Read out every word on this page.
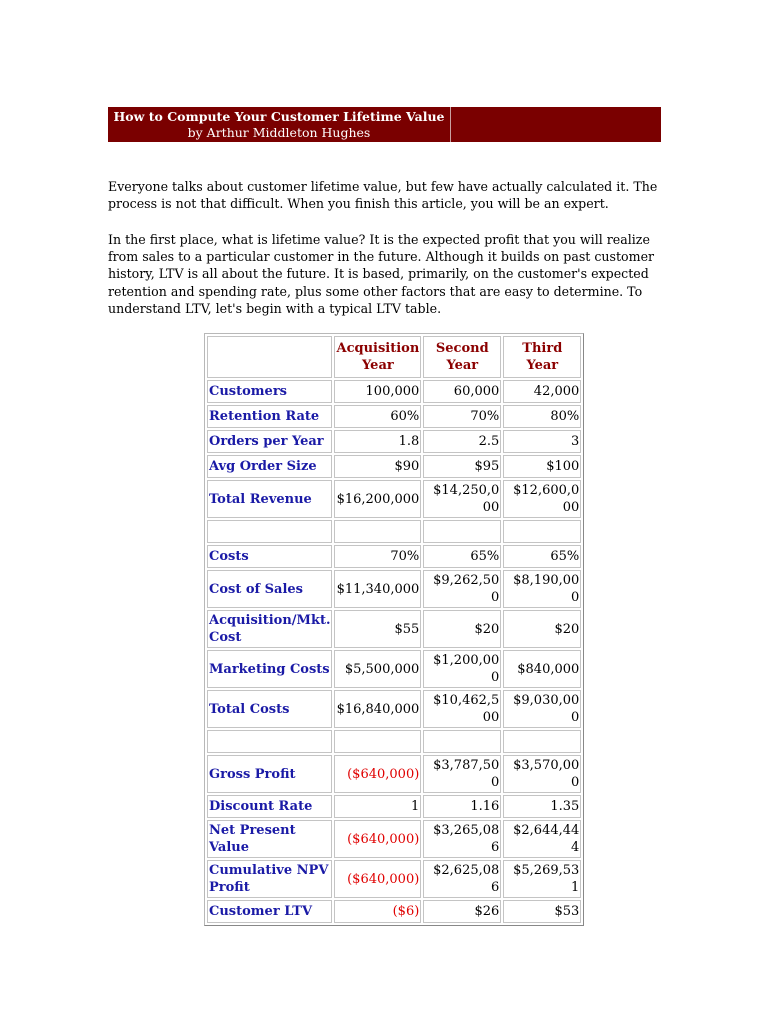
How to Compute Your Customer Lifetime Value
by Arthur Middleton Hughes

Everyone talks about customer lifetime value, but few have actually calculated it. The process is not that difficult. When you finish this article, you will be an expert.

In the first place, what is lifetime value? It is the expected profit that you will realize from sales to a particular customer in the future. Although it builds on past customer history, LTV is all about the future. It is based, primarily, on the customer's expected retention and spending rate, plus some other factors that are easy to determine. To understand LTV, let's begin with a typical LTV table.

	Acquisition Year	Second Year	Third Year
Customers	100,000	60,000	42,000
Retention Rate	60%	70%	80%
Orders per Year	1.8	2.5	3
Avg Order Size	$90	$95	$100
Total Revenue	$16,200,000	$14,250,000	$12,600,000

Costs	70%	65%	65%
Cost of Sales	$11,340,000	$9,262,500	$8,190,000
Acquisition/Mkt. Cost	$55	$20	$20
Marketing Costs	$5,500,000	$1,200,000	$840,000
Total Costs	$16,840,000	$10,462,500	$9,030,000

Gross Profit	($640,000)	$3,787,500	$3,570,000
Discount Rate	1	1.16	1.35
Net Present Value	($640,000)	$3,265,086	$2,644,444
Cumulative NPV Profit	($640,000)	$2,625,086	$5,269,531
Customer LTV	($6)	$26	$53
